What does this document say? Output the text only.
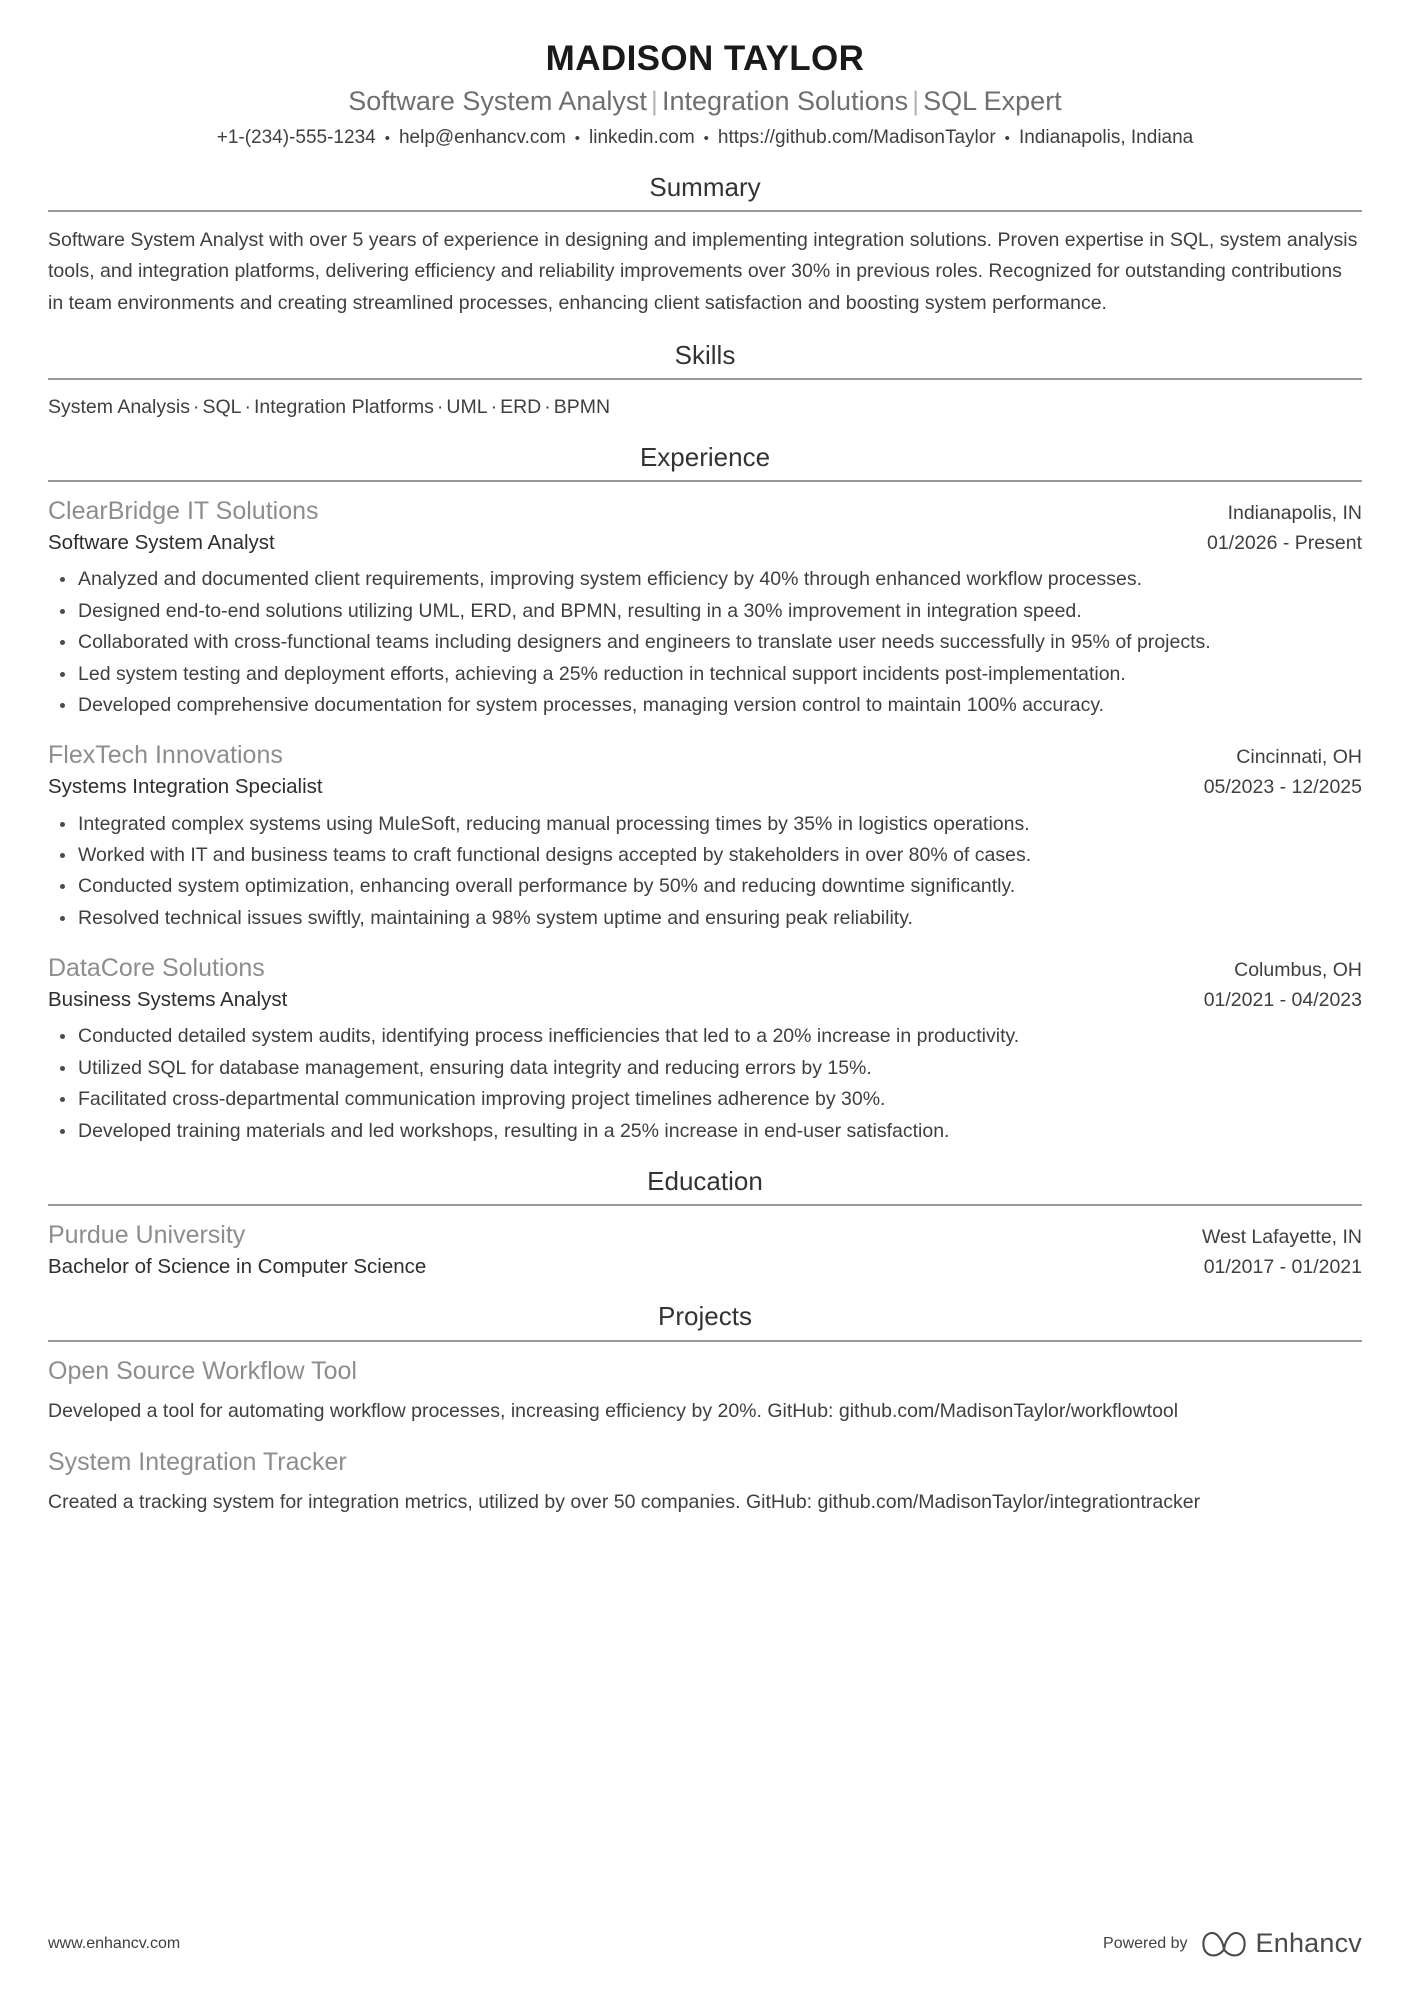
MADISON TAYLOR
Software System Analyst | Integration Solutions | SQL Expert
+1-(234)-555-1234 • help@enhancv.com • linkedin.com • https://github.com/MadisonTaylor • Indianapolis, Indiana
Summary
Software System Analyst with over 5 years of experience in designing and implementing integration solutions. Proven expertise in SQL, system analysis tools, and integration platforms, delivering efficiency and reliability improvements over 30% in previous roles. Recognized for outstanding contributions in team environments and creating streamlined processes, enhancing client satisfaction and boosting system performance.
Skills
System Analysis · SQL · Integration Platforms · UML · ERD · BPMN
Experience
ClearBridge IT Solutions	Indianapolis, IN
Software System Analyst	01/2026 - Present
Analyzed and documented client requirements, improving system efficiency by 40% through enhanced workflow processes.
Designed end-to-end solutions utilizing UML, ERD, and BPMN, resulting in a 30% improvement in integration speed.
Collaborated with cross-functional teams including designers and engineers to translate user needs successfully in 95% of projects.
Led system testing and deployment efforts, achieving a 25% reduction in technical support incidents post-implementation.
Developed comprehensive documentation for system processes, managing version control to maintain 100% accuracy.
FlexTech Innovations	Cincinnati, OH
Systems Integration Specialist	05/2023 - 12/2025
Integrated complex systems using MuleSoft, reducing manual processing times by 35% in logistics operations.
Worked with IT and business teams to craft functional designs accepted by stakeholders in over 80% of cases.
Conducted system optimization, enhancing overall performance by 50% and reducing downtime significantly.
Resolved technical issues swiftly, maintaining a 98% system uptime and ensuring peak reliability.
DataCore Solutions	Columbus, OH
Business Systems Analyst	01/2021 - 04/2023
Conducted detailed system audits, identifying process inefficiencies that led to a 20% increase in productivity.
Utilized SQL for database management, ensuring data integrity and reducing errors by 15%.
Facilitated cross-departmental communication improving project timelines adherence by 30%.
Developed training materials and led workshops, resulting in a 25% increase in end-user satisfaction.
Education
Purdue University	West Lafayette, IN
Bachelor of Science in Computer Science	01/2017 - 01/2021
Projects
Open Source Workflow Tool
Developed a tool for automating workflow processes, increasing efficiency by 20%. GitHub: github.com/MadisonTaylor/workflowtool
System Integration Tracker
Created a tracking system for integration metrics, utilized by over 50 companies. GitHub: github.com/MadisonTaylor/integrationtracker
www.enhancv.com	Powered by	Enhancv
